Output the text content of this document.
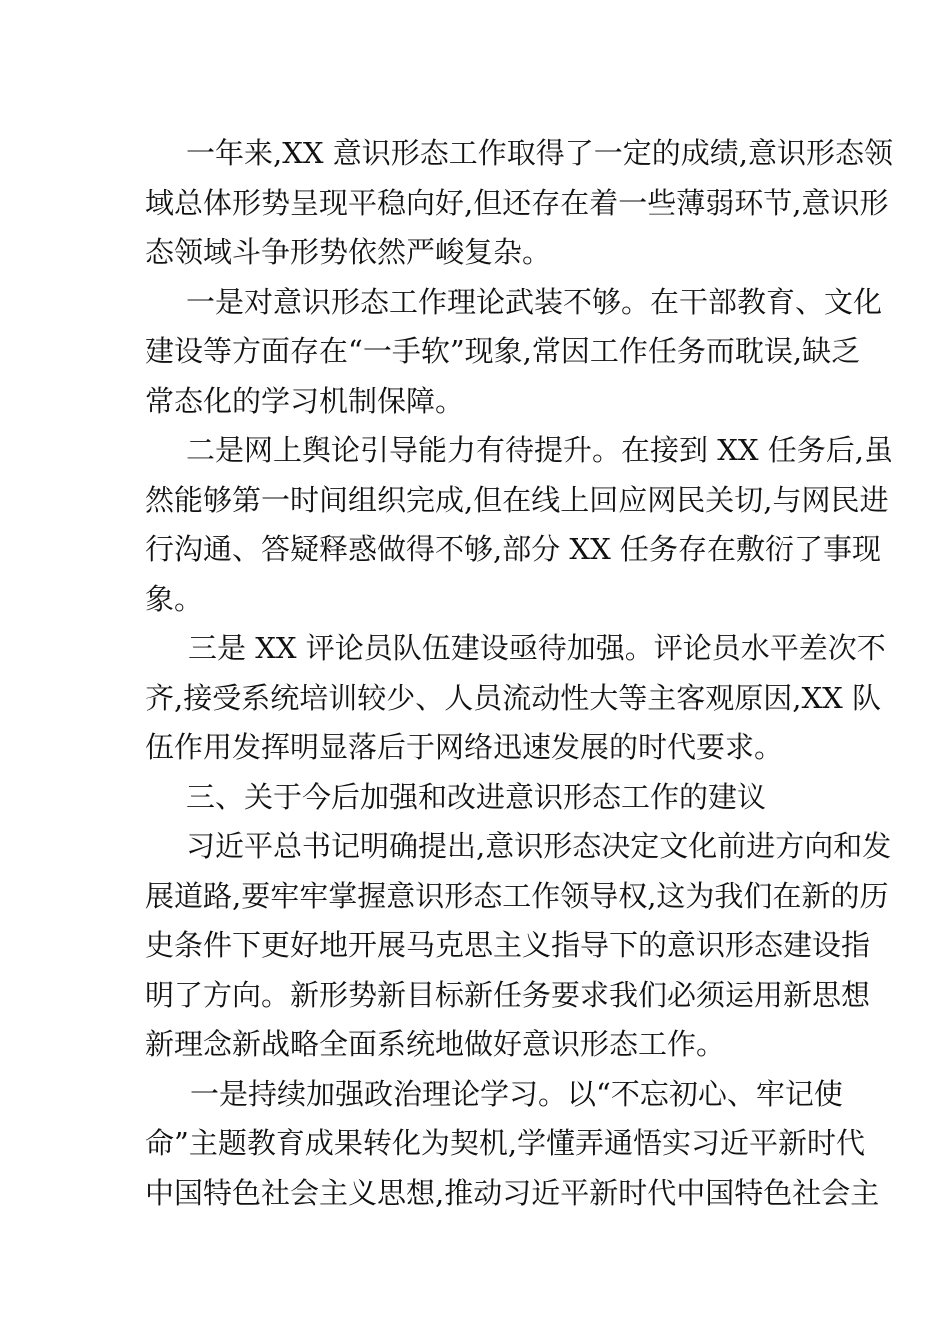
一年来,XX 意识形态工作取得了一定的成绩,意识形态领

域总体形势呈现平稳向好,但还存在着一些薄弱环节,意识形

态领域斗争形势依然严峻复杂。

一是对意识形态工作理论武装不够。在干部教育、文化

建设等方面存在“一手软”现象,常因工作任务而耽误,缺乏

常态化的学习机制保障。

二是网上舆论引导能力有待提升。在接到 XX 任务后,虽

然能够第一时间组织完成,但在线上回应网民关切,与网民进

行沟通、答疑释惑做得不够,部分 XX 任务存在敷衍了事现

象。

三是 XX 评论员队伍建设亟待加强。评论员水平差次不

齐,接受系统培训较少、人员流动性大等主客观原因,XX 队

伍作用发挥明显落后于网络迅速发展的时代要求。

三、关于今后加强和改进意识形态工作的建议

习近平总书记明确提出,意识形态决定文化前进方向和发

展道路,要牢牢掌握意识形态工作领导权,这为我们在新的历

史条件下更好地开展马克思主义指导下的意识形态建设指

明了方向。新形势新目标新任务要求我们必须运用新思想

新理念新战略全面系统地做好意识形态工作。

一是持续加强政治理论学习。以“不忘初心、牢记使

命”主题教育成果转化为契机,学懂弄通悟实习近平新时代

中国特色社会主义思想,推动习近平新时代中国特色社会主
